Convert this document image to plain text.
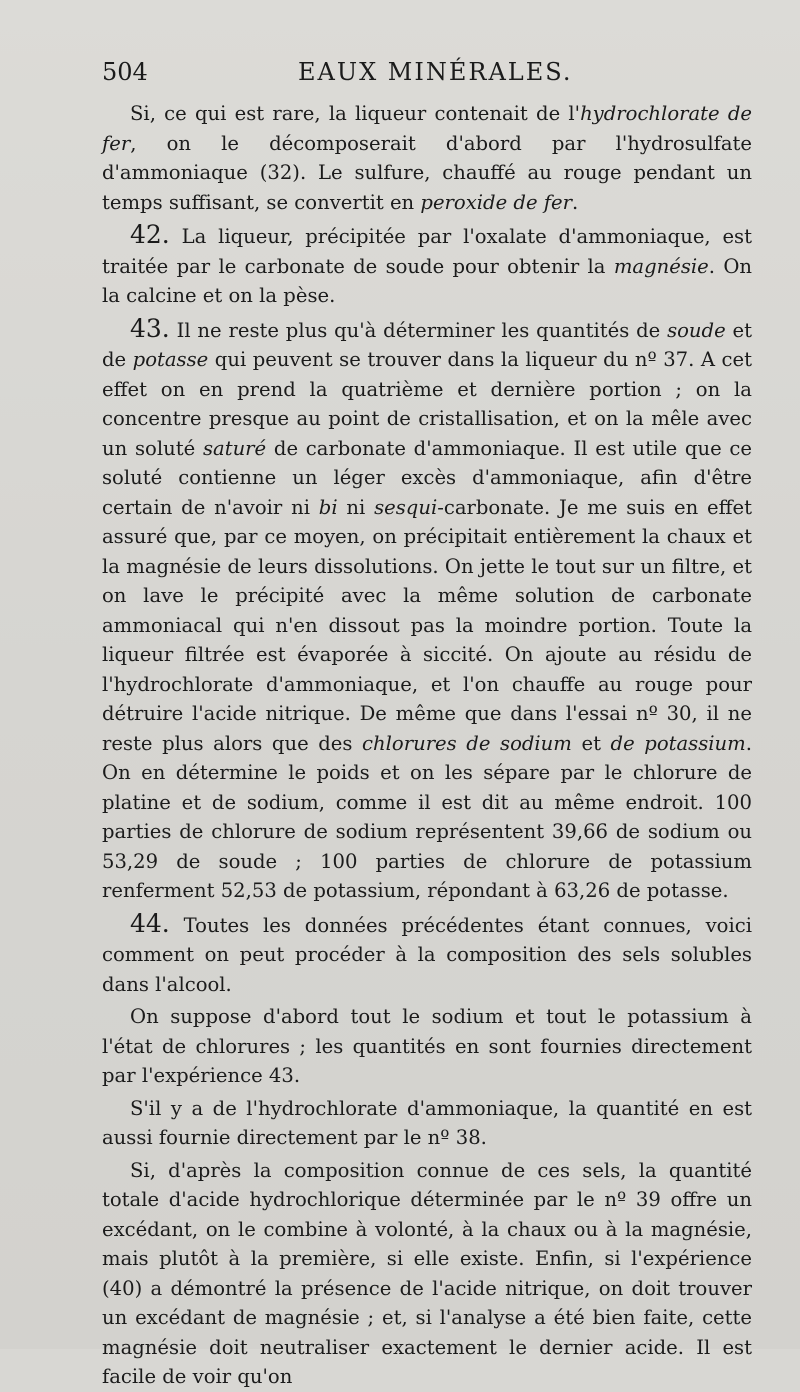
504	EAUX MINÉRALES.

Si, ce qui est rare, la liqueur contenait de l'hydrochlorate de fer, on le décomposerait d'abord par l'hydrosulfate d'ammoniaque (32). Le sulfure, chauffé au rouge pendant un temps suffisant, se convertit en peroxide de fer.

42. La liqueur, précipitée par l'oxalate d'ammoniaque, est traitée par le carbonate de soude pour obtenir la magnésie. On la calcine et on la pèse.

43. Il ne reste plus qu'à déterminer les quantités de soude et de potasse qui peuvent se trouver dans la liqueur du nº 37. A cet effet on en prend la quatrième et dernière portion ; on la concentre presque au point de cristallisation, et on la mêle avec un soluté saturé de carbonate d'ammoniaque. Il est utile que ce soluté contienne un léger excès d'ammoniaque, afin d'être certain de n'avoir ni bi ni sesqui-carbonate. Je me suis en effet assuré que, par ce moyen, on précipitait entièrement la chaux et la magnésie de leurs dissolutions. On jette le tout sur un filtre, et on lave le précipité avec la même solution de carbonate ammoniacal qui n'en dissout pas la moindre portion. Toute la liqueur filtrée est évaporée à siccité. On ajoute au résidu de l'hydrochlorate d'ammoniaque, et l'on chauffe au rouge pour détruire l'acide nitrique. De même que dans l'essai nº 30, il ne reste plus alors que des chlorures de sodium et de potassium. On en détermine le poids et on les sépare par le chlorure de platine et de sodium, comme il est dit au même endroit. 100 parties de chlorure de sodium représentent 39,66 de sodium ou 53,29 de soude ; 100 parties de chlorure de potassium renferment 52,53 de potassium, répondant à 63,26 de potasse.

44. Toutes les données précédentes étant connues, voici comment on peut procéder à la composition des sels solubles dans l'alcool.

On suppose d'abord tout le sodium et tout le potassium à l'état de chlorures ; les quantités en sont fournies directement par l'expérience 43.

S'il y a de l'hydrochlorate d'ammoniaque, la quantité en est aussi fournie directement par le nº 38.

Si, d'après la composition connue de ces sels, la quantité totale d'acide hydrochlorique déterminée par le nº 39 offre un excédant, on le combine à volonté, à la chaux ou à la magnésie, mais plutôt à la première, si elle existe. Enfin, si l'expérience (40) a démontré la présence de l'acide nitrique, on doit trouver un excédant de magnésie ; et, si l'analyse a été bien faite, cette magnésie doit neutraliser exactement le dernier acide. Il est facile de voir qu'on
